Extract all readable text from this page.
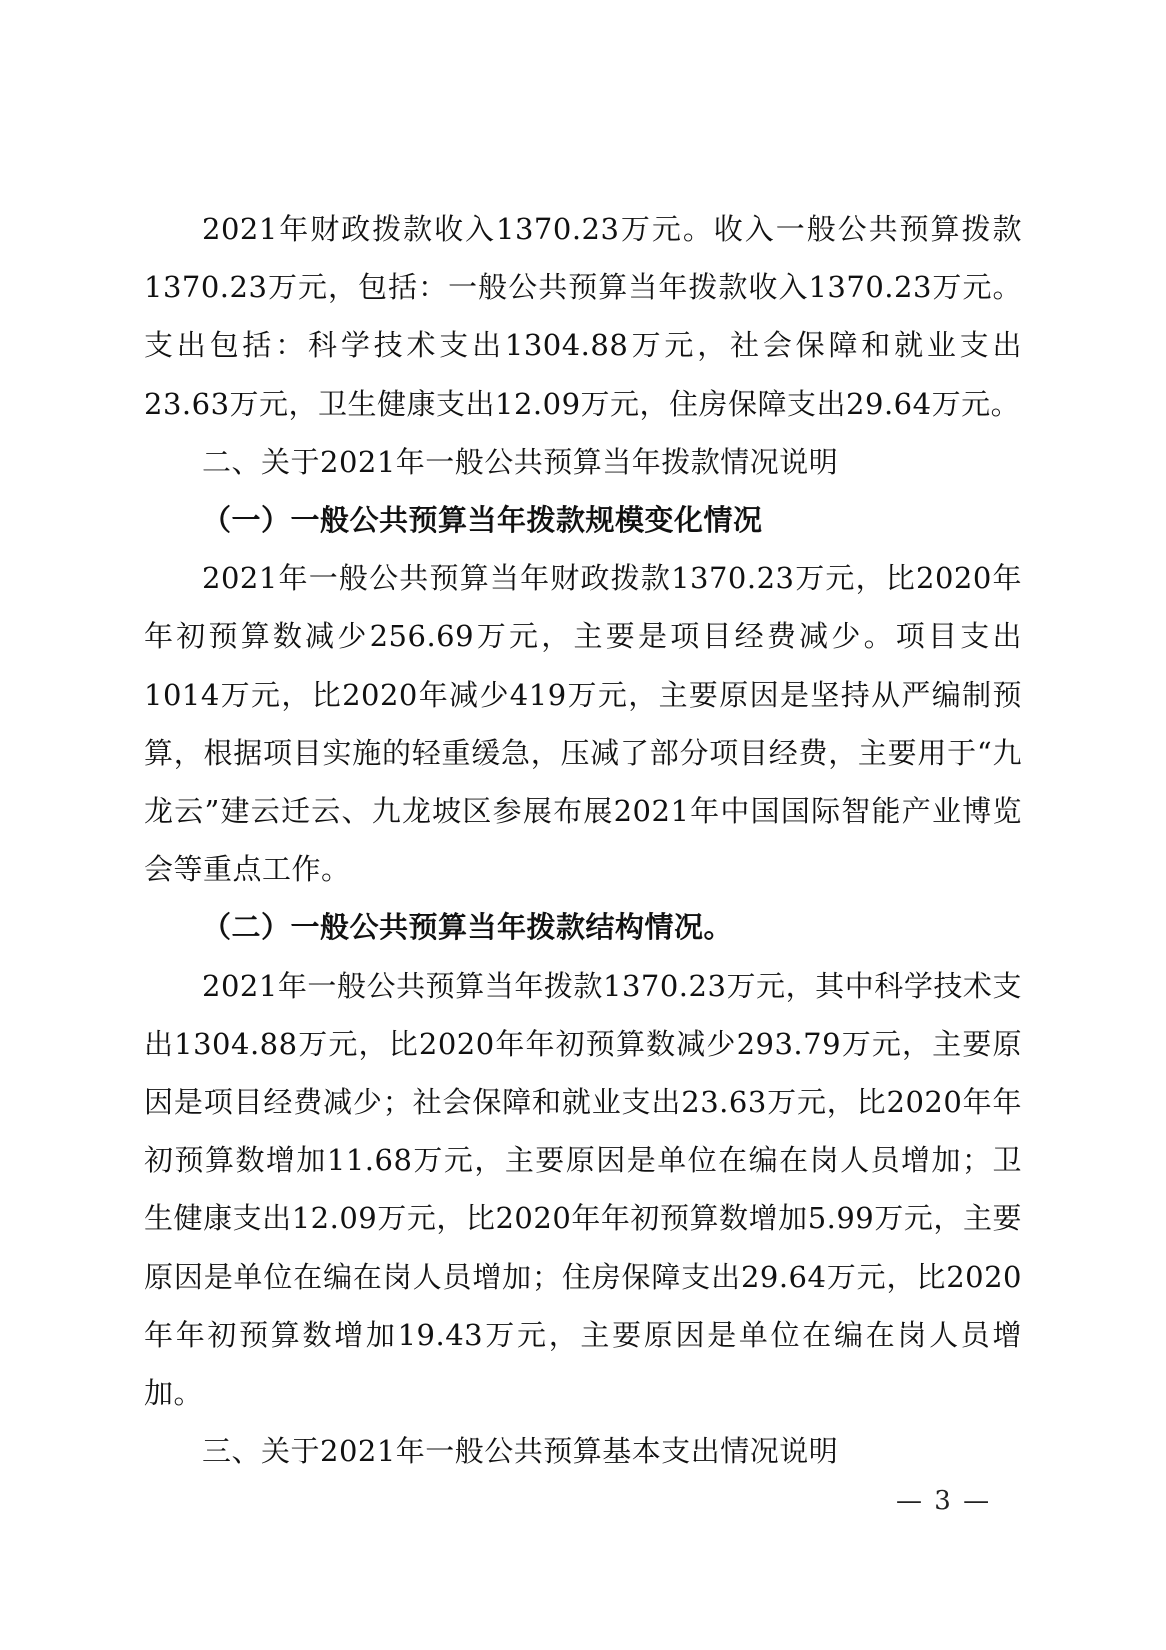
2021年财政拨款收入1370.23万元。收入一般公共预算拨款1370.23万元，包括：一般公共预算当年拨款收入1370.23万元。支出包括：科学技术支出1304.88万元，社会保障和就业支出23.63万元，卫生健康支出12.09万元，住房保障支出29.64万元。

二、关于2021年一般公共预算当年拨款情况说明
（一）一般公共预算当年拨款规模变化情况

2021年一般公共预算当年财政拨款1370.23万元，比2020年年初预算数减少256.69万元，主要是项目经费减少。项目支出1014万元，比2020年减少419万元，主要原因是坚持从严编制预算，根据项目实施的轻重缓急，压减了部分项目经费，主要用于“九龙云”建云迁云、九龙坡区参展布展2021年中国国际智能产业博览会等重点工作。

（二）一般公共预算当年拨款结构情况。

2021年一般公共预算当年拨款1370.23万元，其中科学技术支出1304.88万元，比2020年年初预算数减少293.79万元，主要原因是项目经费减少；社会保障和就业支出23.63万元，比2020年年初预算数增加11.68万元，主要原因是单位在编在岗人员增加；卫生健康支出12.09万元，比2020年年初预算数增加5.99万元，主要原因是单位在编在岗人员增加；住房保障支出29.64万元，比2020年年初预算数增加19.43万元，主要原因是单位在编在岗人员增加。

三、关于2021年一般公共预算基本支出情况说明
— 3 —
